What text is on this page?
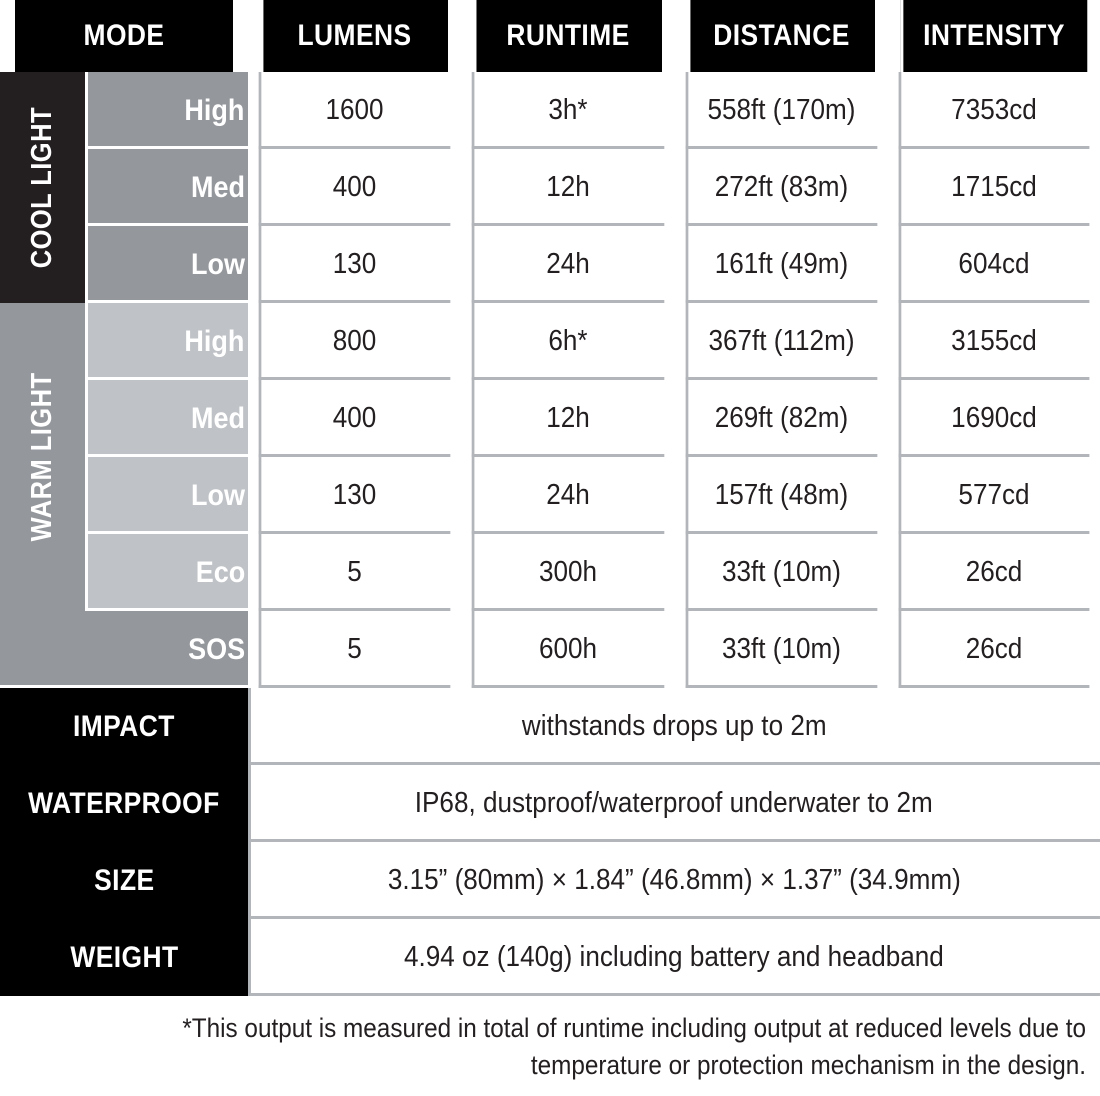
MODE		LUMENS	RUNTIME	DISTANCE	INTENSITY

COOL LIGHT	High	1600	3h*	558ft (170m)	7353cd
	Med	400	12h	272ft (83m)	1715cd
	Low	130	24h	161ft (49m)	604cd

WARM LIGHT	High	800	6h*	367ft (112m)	3155cd
	Med	400	12h	269ft (82m)	1690cd
	Low	130	24h	157ft (48m)	577cd
	Eco	5	300h	33ft (10m)	26cd
SOS		5	600h	33ft (10m)	26cd
IMPACT		withstands drops up to 2m			
WATERPROOF		IP68, dustproof/waterproof underwater to 2m			
SIZE		3.15” (80mm) × 1.84” (46.8mm) × 1.37” (34.9mm)			
WEIGHT		4.94 oz (140g) including battery and headband			

*This output is measured in total of runtime including output at reduced levels due to temperature or protection mechanism in the design.					
